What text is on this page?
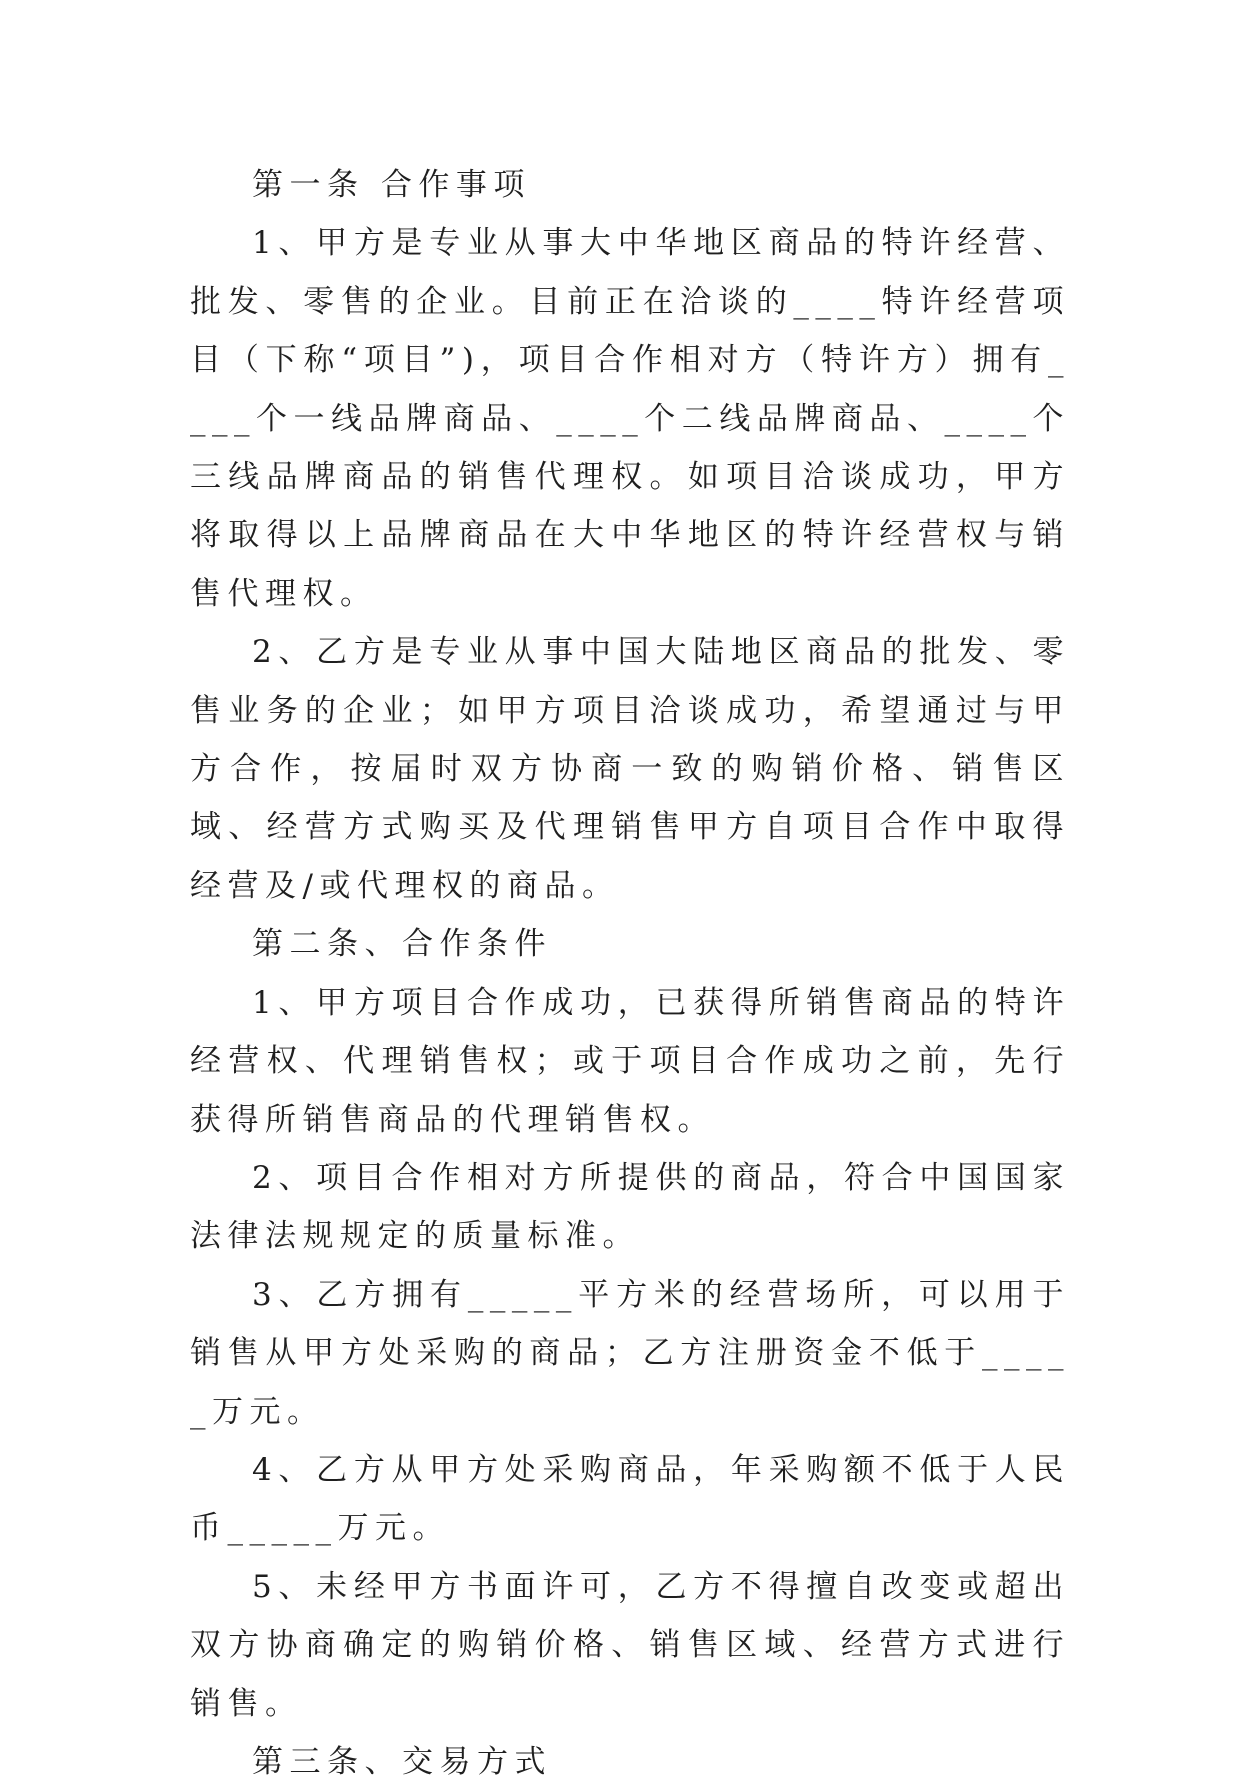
第一条 合作事项

1、甲方是专业从事大中华地区商品的特许经营、批发、零售的企业。目前正在洽谈的____特许经营项目（下称“项目”)，项目合作相对方（特许方）拥有____个一线品牌商品、____个二线品牌商品、____个三线品牌商品的销售代理权。如项目洽谈成功，甲方将取得以上品牌商品在大中华地区的特许经营权与销售代理权。

2、乙方是专业从事中国大陆地区商品的批发、零售业务的企业；如甲方项目洽谈成功，希望通过与甲方合作，按届时双方协商一致的购销价格、销售区域、经营方式购买及代理销售甲方自项目合作中取得经营及/或代理权的商品。

第二条、合作条件

1、甲方项目合作成功，已获得所销售商品的特许经营权、代理销售权；或于项目合作成功之前，先行获得所销售商品的代理销售权。

2、项目合作相对方所提供的商品，符合中国国家法律法规规定的质量标准。

3、乙方拥有_____平方米的经营场所，可以用于销售从甲方处采购的商品；乙方注册资金不低于_____万元。

4、乙方从甲方处采购商品，年采购额不低于人民币_____万元。

5、未经甲方书面许可，乙方不得擅自改变或超出双方协商确定的购销价格、销售区域、经营方式进行销售。

第三条、交易方式
